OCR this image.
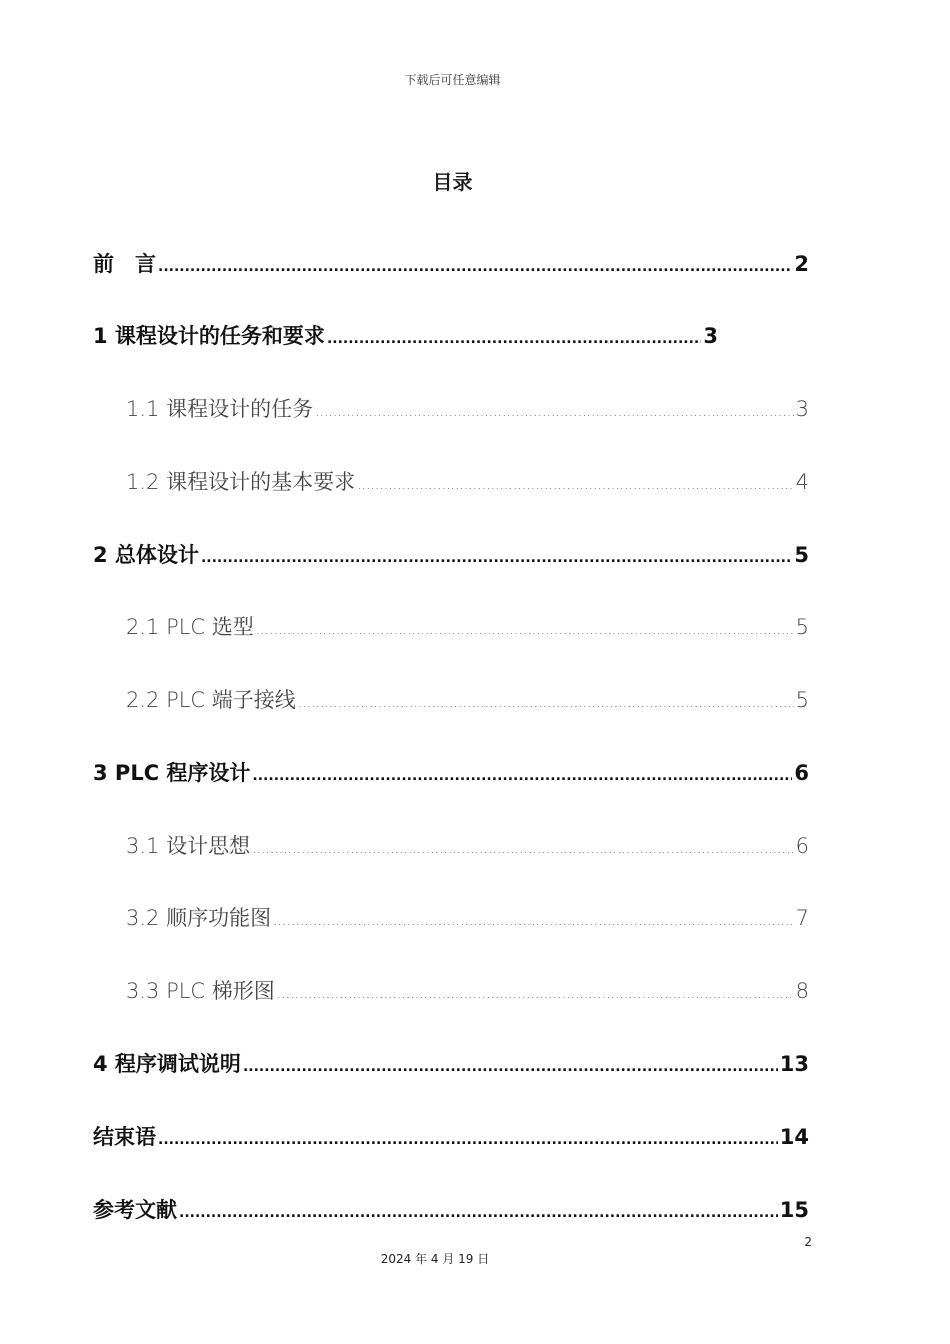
下载后可任意编辑
目录
前　言 .....	2
1 课程设计的任务和要求 .....	3
1.1 课程设计的任务 .....	3
1.2 课程设计的基本要求 .....	4
2 总体设计 .....	5
2.1 PLC 选型 .....	5
2.2 PLC 端子接线 .....	5
3 PLC 程序设计 .....	6
3.1 设计思想 .....	6
3.2 顺序功能图 .....	7
3.3 PLC 梯形图 .....	8
4 程序调试说明 .....	13
结束语 .....	14
参考文献 .....	15
2
2024 年 4 月 19 日
